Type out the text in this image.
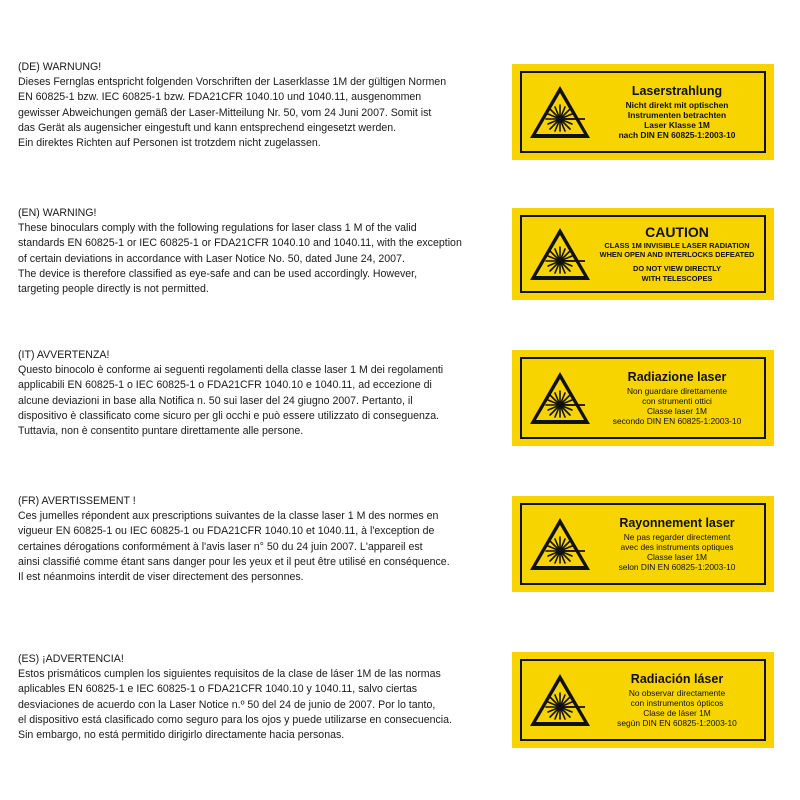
(DE) WARNUNG!

Dieses Fernglas entspricht folgenden Vorschriften der Laserklasse 1M der gültigen Normen

EN 60825-1 bzw. IEC 60825-1 bzw. FDA21CFR 1040.10 und 1040.11, ausgenommen

gewisser Abweichungen gemäß der Laser-Mitteilung Nr. 50, vom 24 Juni 2007. Somit ist

das Gerät als augensicher eingestuft und kann entsprechend eingesetzt werden.

Ein direktes Richten auf Personen ist trotzdem nicht zugelassen.

Laserstrahlung
Nicht direkt mit optischen
Instrumenten betrachten
Laser Klasse 1M
nach DIN EN 60825-1:2003-10

(EN) WARNING!

These binoculars comply with the following regulations for laser class 1 M of the valid

standards EN 60825-1 or IEC 60825-1 or FDA21CFR 1040.10 and 1040.11, with the exception

of certain deviations in accordance with Laser Notice No. 50, dated June 24, 2007.

The device is therefore classified as eye-safe and can be used accordingly. However,

targeting people directly is not permitted.

CAUTION
CLASS 1M INVISIBLE LASER RADIATION
WHEN OPEN AND INTERLOCKS DEFEATED
DO NOT VIEW DIRECTLY
WITH TELESCOPES

(IT) AVVERTENZA!

Questo binocolo è conforme ai seguenti regolamenti della classe laser 1 M dei regolamenti

applicabili EN 60825-1 o IEC 60825-1 o FDA21CFR 1040.10 e 1040.11, ad eccezione di

alcune deviazioni in base alla Notifica n. 50 sui laser del 24 giugno 2007. Pertanto, il

dispositivo è classificato come sicuro per gli occhi e può essere utilizzato di conseguenza.

Tuttavia, non è consentito puntare direttamente alle persone.

Radiazione laser
Non guardare direttamente
con strumenti ottici
Classe laser 1M
secondo DIN EN 60825-1:2003-10

(FR) AVERTISSEMENT !

Ces jumelles répondent aux prescriptions suivantes de la classe laser 1 M des normes en

vigueur EN 60825-1 ou IEC 60825-1 ou FDA21CFR 1040.10 et 1040.11, à l'exception de

certaines dérogations conformément à l'avis laser n° 50 du 24 juin 2007. L'appareil est

ainsi classifié comme étant sans danger pour les yeux et il peut être utilisé en conséquence.

Il est néanmoins interdit de viser directement des personnes.

Rayonnement laser
Ne pas regarder directement
avec des instruments optiques
Classe laser 1M
selon DIN EN 60825-1:2003-10

(ES) ¡ADVERTENCIA!

Estos prismáticos cumplen los siguientes requisitos de la clase de láser 1M de las normas

aplicables EN 60825-1 e IEC 60825-1 o FDA21CFR 1040.10 y 1040.11, salvo ciertas

desviaciones de acuerdo con la Laser Notice n.º 50 del 24 de junio de 2007. Por lo tanto,

el dispositivo está clasificado como seguro para los ojos y puede utilizarse en consecuencia.

Sin embargo, no está permitido dirigirlo directamente hacia personas.

Radiación láser
No observar directamente
con instrumentos ópticos
Clase de láser 1M
según DIN EN 60825-1:2003-10
